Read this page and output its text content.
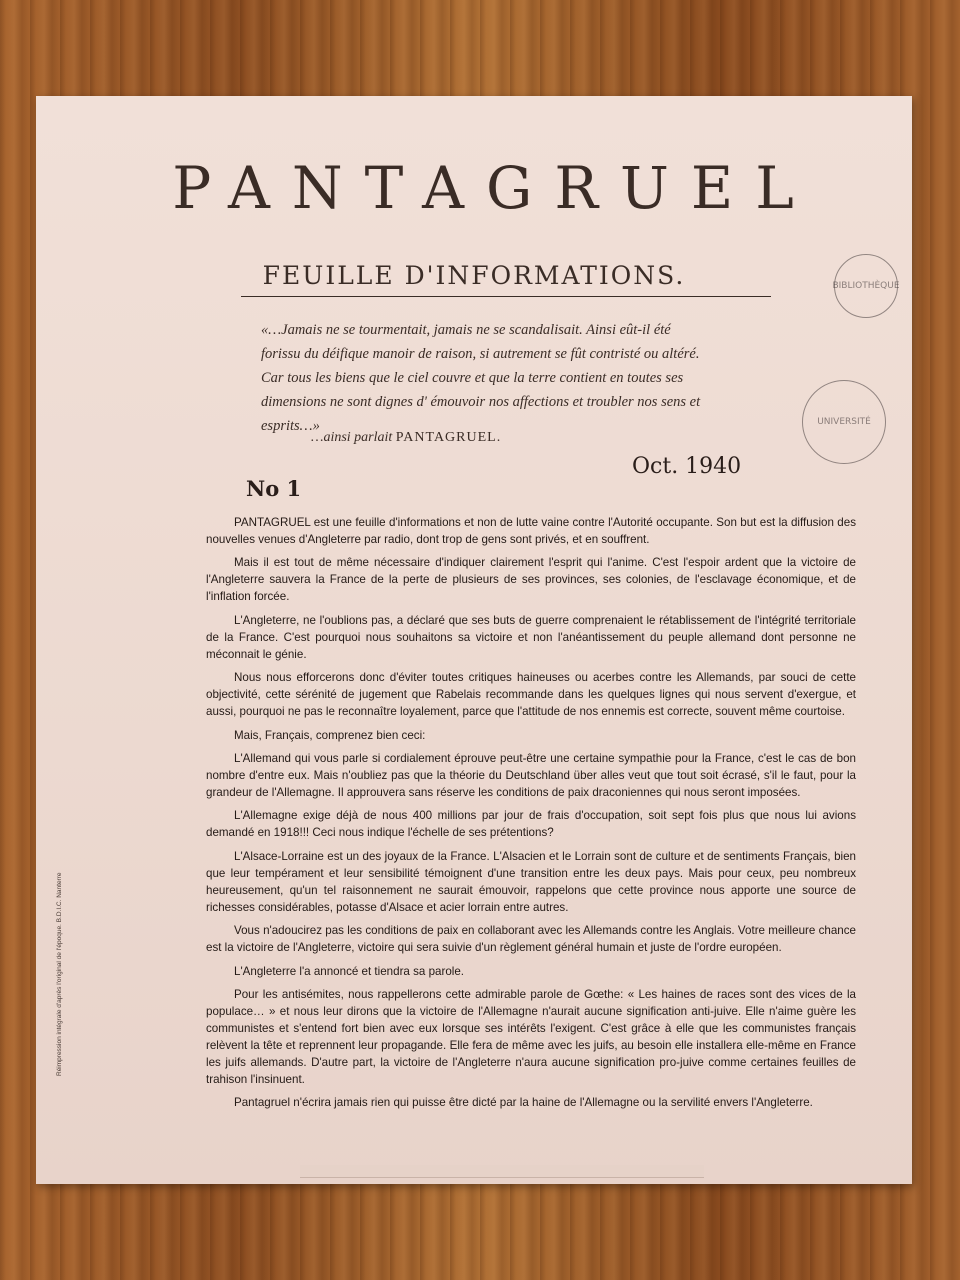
PANTAGRUEL
FEUILLE D'INFORMATIONS.

«…Jamais ne se tourmentait, jamais ne se scandalisait. Ainsi eût-il été

forissu du déifique manoir de raison, si autrement se fût contristé ou altéré.

Car tous les biens que le ciel couvre et que la terre contient en toutes ses

dimensions ne sont dignes d' émouvoir nos affections et troubler nos sens et

esprits…»

…ainsi parlait PANTAGRUEL.
BIBLIOTHÈQUE
UNIVERSITÉ
No 1
Oct. 1940

PANTAGRUEL est une feuille d'informations et non de lutte vaine contre l'Autorité occupante. Son but est la diffusion des nouvelles venues d'Angleterre par radio, dont trop de gens sont privés, et en souffrent.

Mais il est tout de même nécessaire d'indiquer clairement l'esprit qui l'anime. C'est l'espoir ardent que la victoire de l'Angleterre sauvera la France de la perte de plusieurs de ses provinces, ses colonies, de l'esclavage économique, et de l'inflation forcée.

L'Angleterre, ne l'oublions pas, a déclaré que ses buts de guerre comprenaient le rétablissement de l'intégrité territoriale de la France. C'est pourquoi nous souhaitons sa victoire et non l'anéantissement du peuple allemand dont personne ne méconnait le génie.

Nous nous efforcerons donc d'éviter toutes critiques haineuses ou acerbes contre les Allemands, par souci de cette objectivité, cette sérénité de jugement que Rabelais recommande dans les quelques lignes qui nous servent d'exergue, et aussi, pourquoi ne pas le reconnaître loyalement, parce que l'attitude de nos ennemis est correcte, souvent même courtoise.

Mais, Français, comprenez bien ceci:

L'Allemand qui vous parle si cordialement éprouve peut-être une certaine sympathie pour la France, c'est le cas de bon nombre d'entre eux. Mais n'oubliez pas que la théorie du Deutschland über alles veut que tout soit écrasé, s'il le faut, pour la grandeur de l'Allemagne. Il approuvera sans réserve les conditions de paix draconiennes qui nous seront imposées.

L'Allemagne exige déjà de nous 400 millions par jour de frais d'occupation, soit sept fois plus que nous lui avions demandé en 1918!!! Ceci nous indique l'échelle de ses prétentions?

L'Alsace-Lorraine est un des joyaux de la France. L'Alsacien et le Lorrain sont de culture et de sentiments Français, bien que leur tempérament et leur sensibilité témoignent d'une transition entre les deux pays. Mais pour ceux, peu nombreux heureusement, qu'un tel raisonnement ne saurait émouvoir, rappelons que cette province nous apporte une source de richesses considérables, potasse d'Alsace et acier lorrain entre autres.

Vous n'adoucirez pas les conditions de paix en collaborant avec les Allemands contre les Anglais. Votre meilleure chance est la victoire de l'Angleterre, victoire qui sera suivie d'un règlement général humain et juste de l'ordre européen.

L'Angleterre l'a annoncé et tiendra sa parole.

Pour les antisémites, nous rappellerons cette admirable parole de Gœthe: « Les haines de races sont des vices de la populace… » et nous leur dirons que la victoire de l'Allemagne n'aurait aucune signification anti-juive. Elle n'aime guère les communistes et s'entend fort bien avec eux lorsque ses intérêts l'exigent. C'est grâce à elle que les communistes français relèvent la tête et reprennent leur propagande. Elle fera de même avec les juifs, au besoin elle installera elle-même en France les juifs allemands. D'autre part, la victoire de l'Angleterre n'aura aucune signification pro-juive comme certaines feuilles de trahison l'insinuent.

Pantagruel n'écrira jamais rien qui puisse être dicté par la haine de l'Allemagne ou la servilité envers l'Angleterre.

Réimpression intégrale d'après l'original de l'époque. B.D.I.C. Nanterre
